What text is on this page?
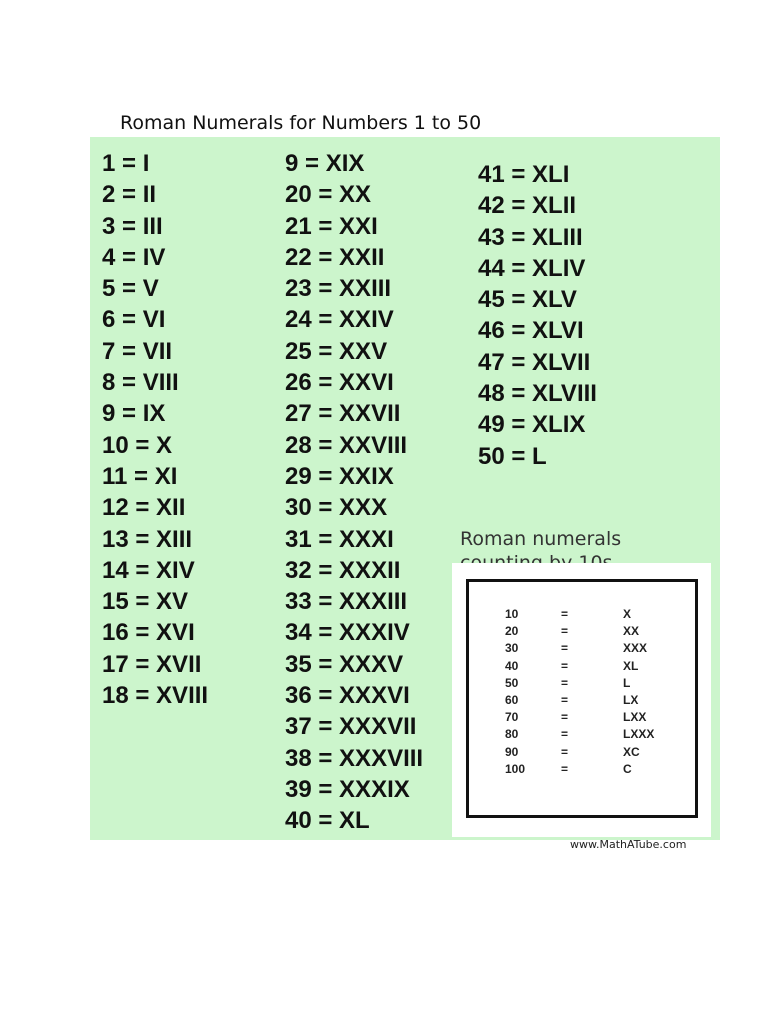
Roman Numerals for Numbers 1 to 50
1 = I
2 = II
3 = III
4 = IV
5 = V
6 = VI
7 = VII
8 = VIII
9 = IX
10 = X
11 = XI
12 = XII
13 = XIII
14 = XIV
15 = XV
16 = XVI
17 = XVII
18 = XVIII
9 = XIX
20 = XX
21 = XXI
22 = XXII
23 = XXIII
24 = XXIV
25 = XXV
26 = XXVI
27 = XXVII
28 = XXVIII
29 = XXIX
30 = XXX
31 = XXXI
32 = XXXII
33 = XXXIII
34 = XXXIV
35 = XXXV
36 = XXXVI
37 = XXXVII
38 = XXXVIII
39 = XXXIX
40 = XL
41 = XLI
42 = XLII
43 = XLIII
44 = XLIV
45 = XLV
46 = XLVI
47 = XLVII
48 = XLVIII
49 = XLIX
50 = L
Roman numerals
10	=	X
20	=	XX
30	=	XXX
40	=	XL
50	=	L
60	=	LX
70	=	LXX
80	=	LXXX
90	=	XC
100	=	C
www.MathATube.com
